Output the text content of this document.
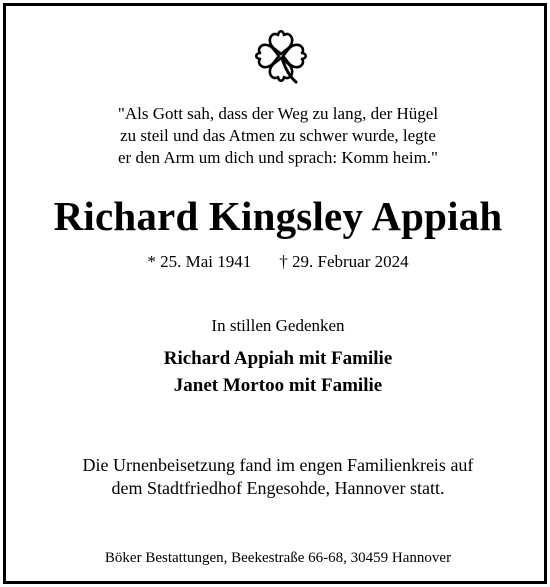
"Als Gott sah, dass der Weg zu lang, der Hügel
zu steil und das Atmen zu schwer wurde, legte
er den Arm um dich und sprach: Komm heim."
Richard Kingsley Appiah
* 25. Mai 1941 † 29. Februar 2024
In stillen Gedenken
Richard Appiah mit Familie
Janet Mortoo mit Familie
Die Urnenbeisetzung fand im engen Familienkreis auf
dem Stadtfriedhof Engesohde, Hannover statt.
Böker Bestattungen, Beekestraße 66-68, 30459 Hannover
